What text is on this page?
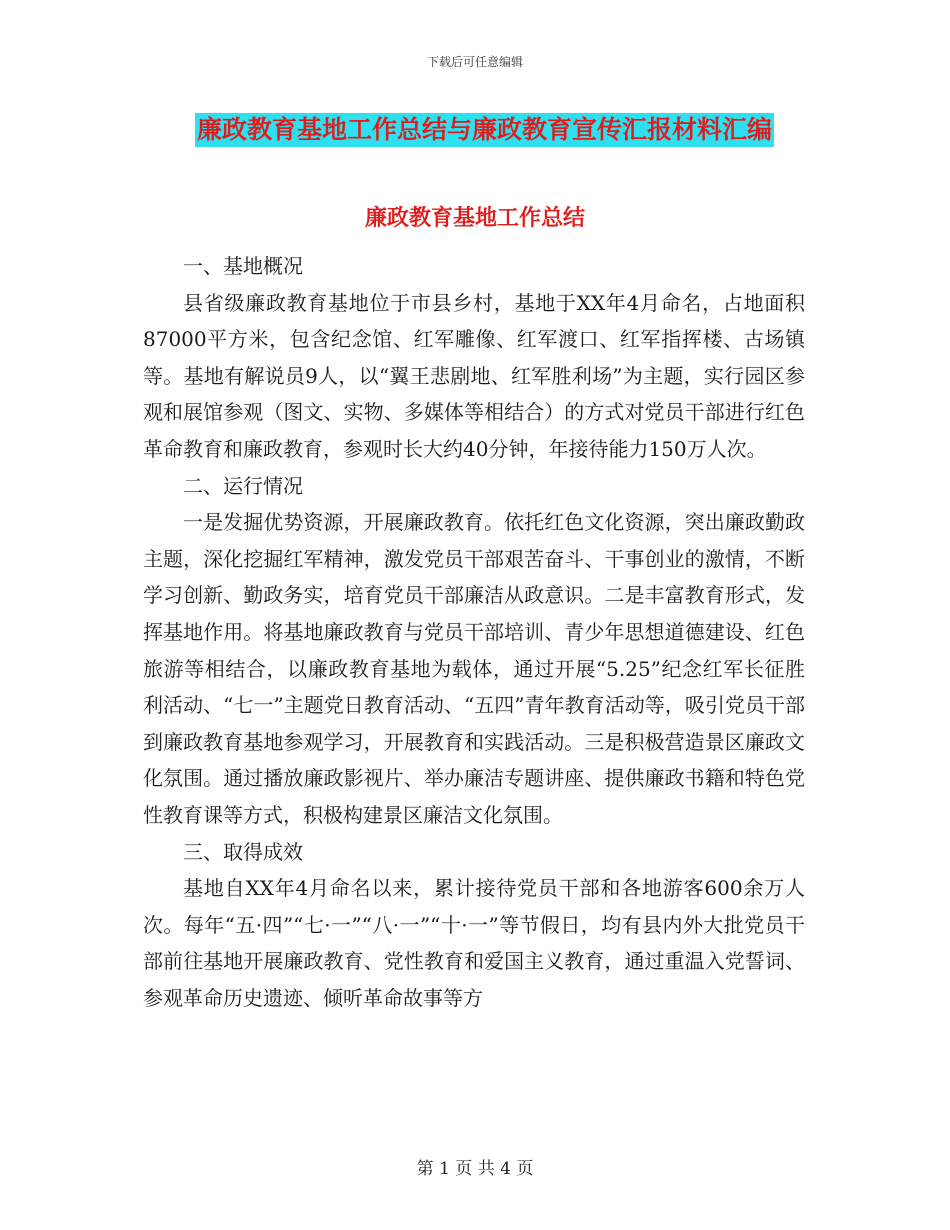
下载后可任意编辑
廉政教育基地工作总结与廉政教育宣传汇报材料汇编
廉政教育基地工作总结
一、基地概况

县省级廉政教育基地位于市县乡村，基地于XX年4月命名，占地面积87000平方米，包含纪念馆、红军雕像、红军渡口、红军指挥楼、古场镇等。基地有解说员9人，以“翼王悲剧地、红军胜利场”为主题，实行园区参观和展馆参观（图文、实物、多媒体等相结合）的方式对党员干部进行红色革命教育和廉政教育，参观时长大约40分钟，年接待能力150万人次。

二、运行情况

一是发掘优势资源，开展廉政教育。依托红色文化资源，突出廉政勤政主题，深化挖掘红军精神，激发党员干部艰苦奋斗、干事创业的激情，不断学习创新、勤政务实，培育党员干部廉洁从政意识。二是丰富教育形式，发挥基地作用。将基地廉政教育与党员干部培训、青少年思想道德建设、红色旅游等相结合，以廉政教育基地为载体，通过开展“5.25”纪念红军长征胜利活动、“七一”主题党日教育活动、“五四”青年教育活动等，吸引党员干部到廉政教育基地参观学习，开展教育和实践活动。三是积极营造景区廉政文化氛围。通过播放廉政影视片、举办廉洁专题讲座、提供廉政书籍和特色党性教育课等方式，积极构建景区廉洁文化氛围。

三、取得成效

基地自XX年4月命名以来，累计接待党员干部和各地游客600余万人次。每年“五·四”“七·一”“八·一”“十·一”等节假日，均有县内外大批党员干部前往基地开展廉政教育、党性教育和爱国主义教育，通过重温入党誓词、参观革命历史遗迹、倾听革命故事等方

第 1 页 共 4 页
